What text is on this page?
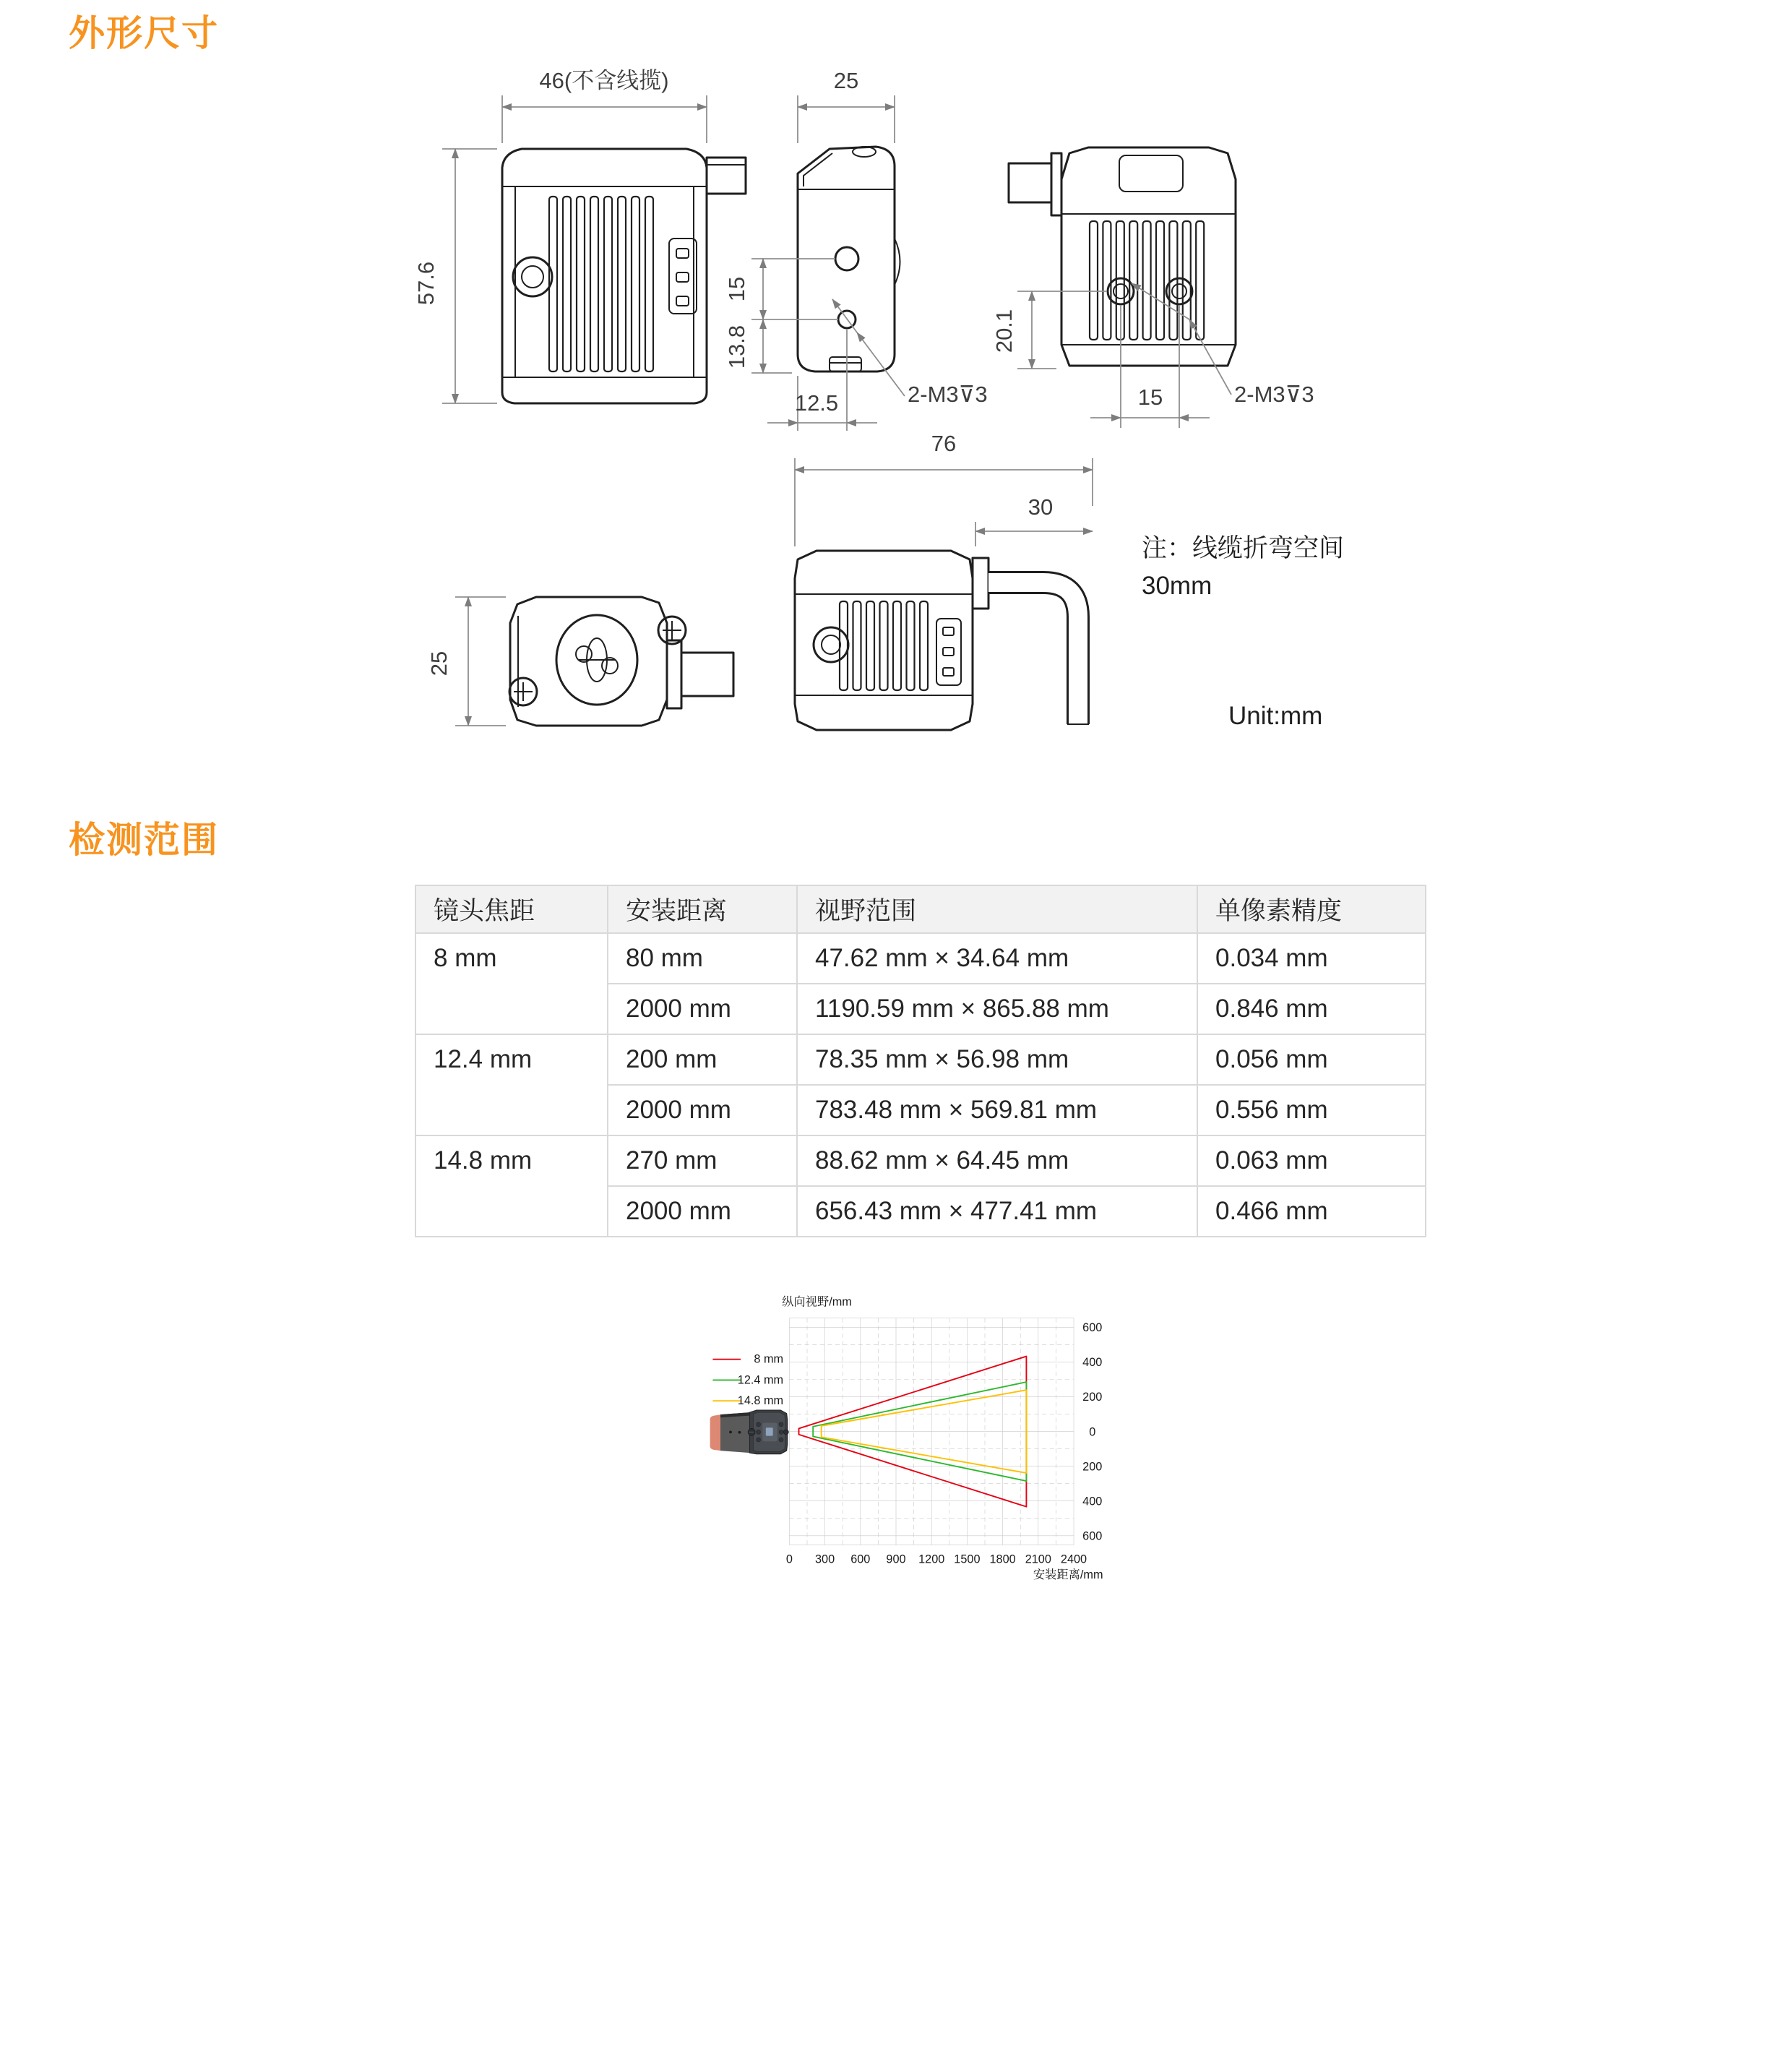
外形尺寸
46(不含线揽)
57.6
25
15
13.8
12.5	2-M3⊽3
20.1
15	2-M3⊽3
25
76
30
注：线缆折弯空间
30mm
Unit:mm
检测范围
镜头焦距	安装距离	视野范围	单像素精度
8 mm	80 mm	47.62 mm × 34.64 mm	0.034 mm
	2000 mm	1190.59 mm × 865.88 mm	0.846 mm
12.4 mm	200 mm	78.35 mm × 56.98 mm	0.056 mm
	2000 mm	783.48 mm × 569.81 mm	0.556 mm
14.8 mm	270 mm	88.62 mm × 64.45 mm	0.063 mm
	2000 mm	656.43 mm × 477.41 mm	0.466 mm
纵向视野/mm
0 300 600 900 1200 1500 1800 2100 2400
600
400
200
0
200
400
600
8 mm
12.4 mm
14.8 mm
安装距离/mm
